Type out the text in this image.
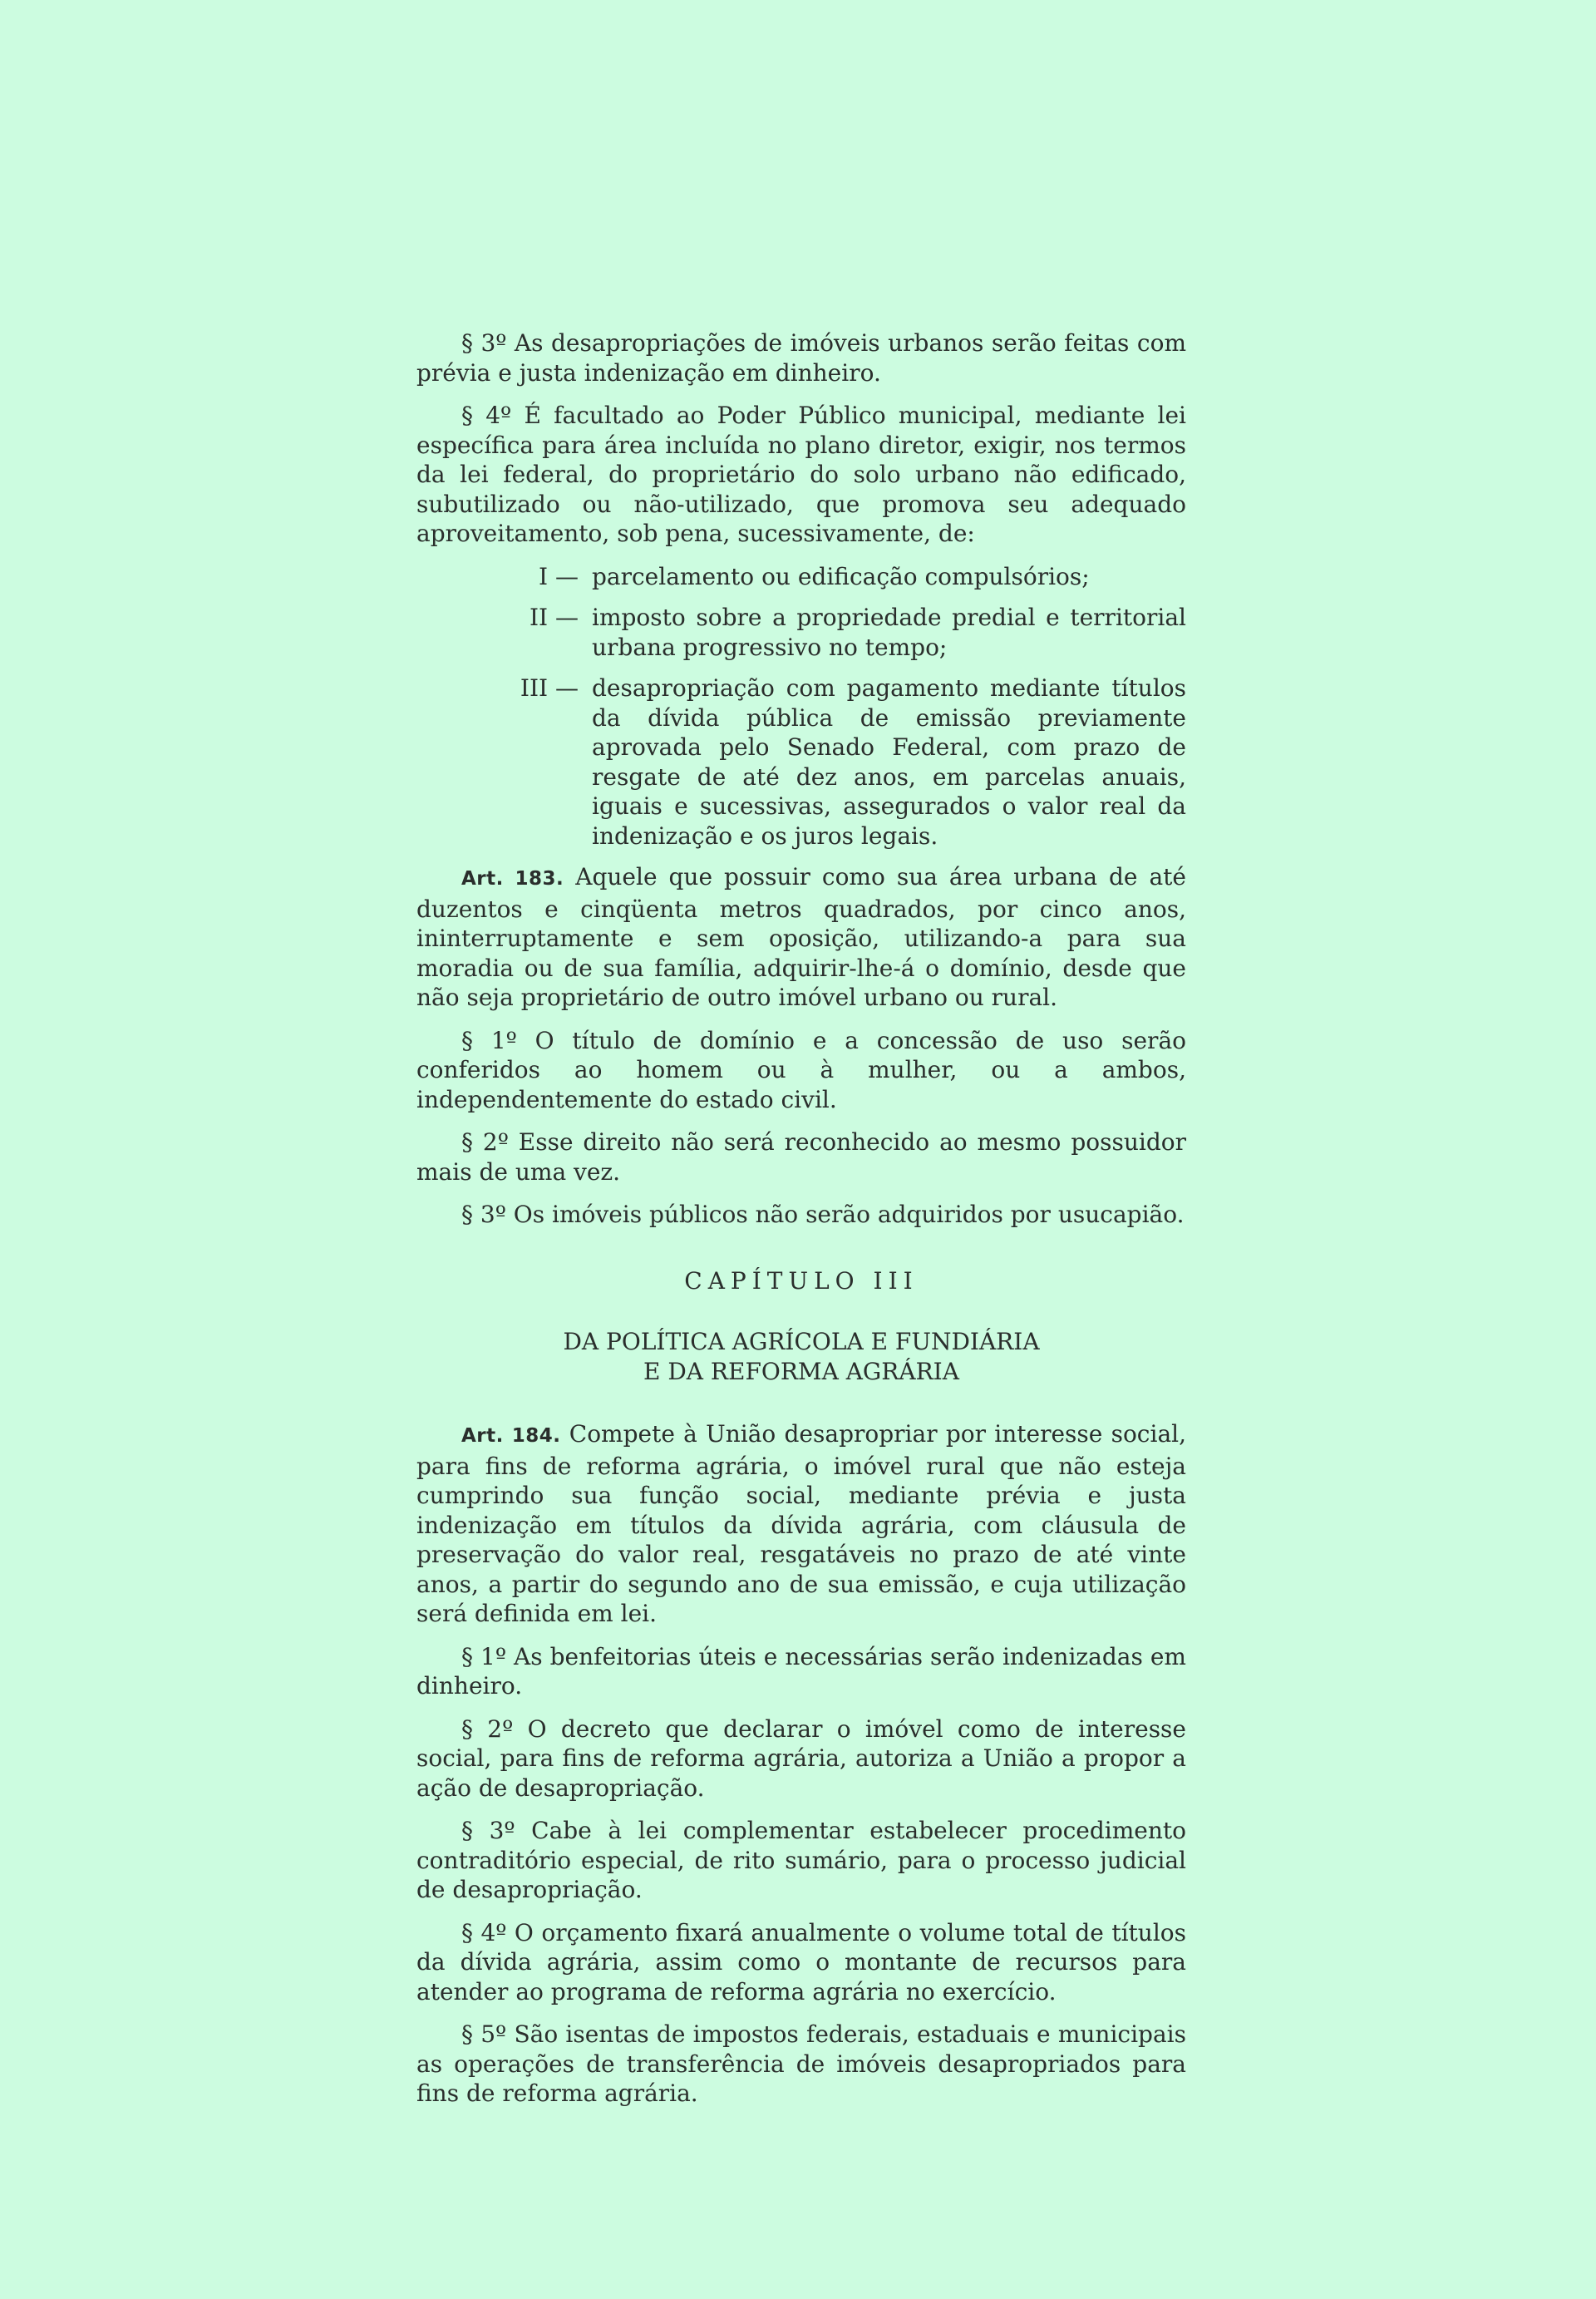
§ 3º As desapropriações de imóveis urbanos serão feitas com prévia e justa indenização em dinheiro.

§ 4º É facultado ao Poder Público municipal, mediante lei específica para área incluída no plano diretor, exigir, nos termos da lei federal, do proprietário do solo urbano não edificado, subutilizado ou não-utilizado, que promova seu adequado aproveitamento, sob pena, sucessivamente, de:

I — parcelamento ou edificação compulsórios;
II — imposto sobre a propriedade predial e territorial urbana progressivo no tempo;
III — desapropriação com pagamento mediante títulos da dívida pública de emissão previamente aprovada pelo Senado Federal, com prazo de resgate de até dez anos, em parcelas anuais, iguais e sucessivas, assegurados o valor real da indenização e os juros legais.

Art. 183. Aquele que possuir como sua área urbana de até duzentos e cinqüenta metros quadrados, por cinco anos, ininterruptamente e sem oposição, utilizando-a para sua moradia ou de sua família, adquirir-lhe-á o domínio, desde que não seja proprietário de outro imóvel urbano ou rural.

§ 1º O título de domínio e a concessão de uso serão conferidos ao homem ou à mulher, ou a ambos, independentemente do estado civil.

§ 2º Esse direito não será reconhecido ao mesmo possuidor mais de uma vez.

§ 3º Os imóveis públicos não serão adquiridos por usucapião.

CAPÍTULO III

DA POLÍTICA AGRÍCOLA E FUNDIÁRIA

E DA REFORMA AGRÁRIA

Art. 184. Compete à União desapropriar por interesse social, para fins de reforma agrária, o imóvel rural que não esteja cumprindo sua função social, mediante prévia e justa indenização em títulos da dívida agrária, com cláusula de preservação do valor real, resgatáveis no prazo de até vinte anos, a partir do segundo ano de sua emissão, e cuja utilização será definida em lei.

§ 1º As benfeitorias úteis e necessárias serão indenizadas em dinheiro.

§ 2º O decreto que declarar o imóvel como de interesse social, para fins de reforma agrária, autoriza a União a propor a ação de desapropriação.

§ 3º Cabe à lei complementar estabelecer procedimento contraditório especial, de rito sumário, para o processo judicial de desapropriação.

§ 4º O orçamento fixará anualmente o volume total de títulos da dívida agrária, assim como o montante de recursos para atender ao programa de reforma agrária no exercício.

§ 5º São isentas de impostos federais, estaduais e municipais as operações de transferência de imóveis desapropriados para fins de reforma agrária.
